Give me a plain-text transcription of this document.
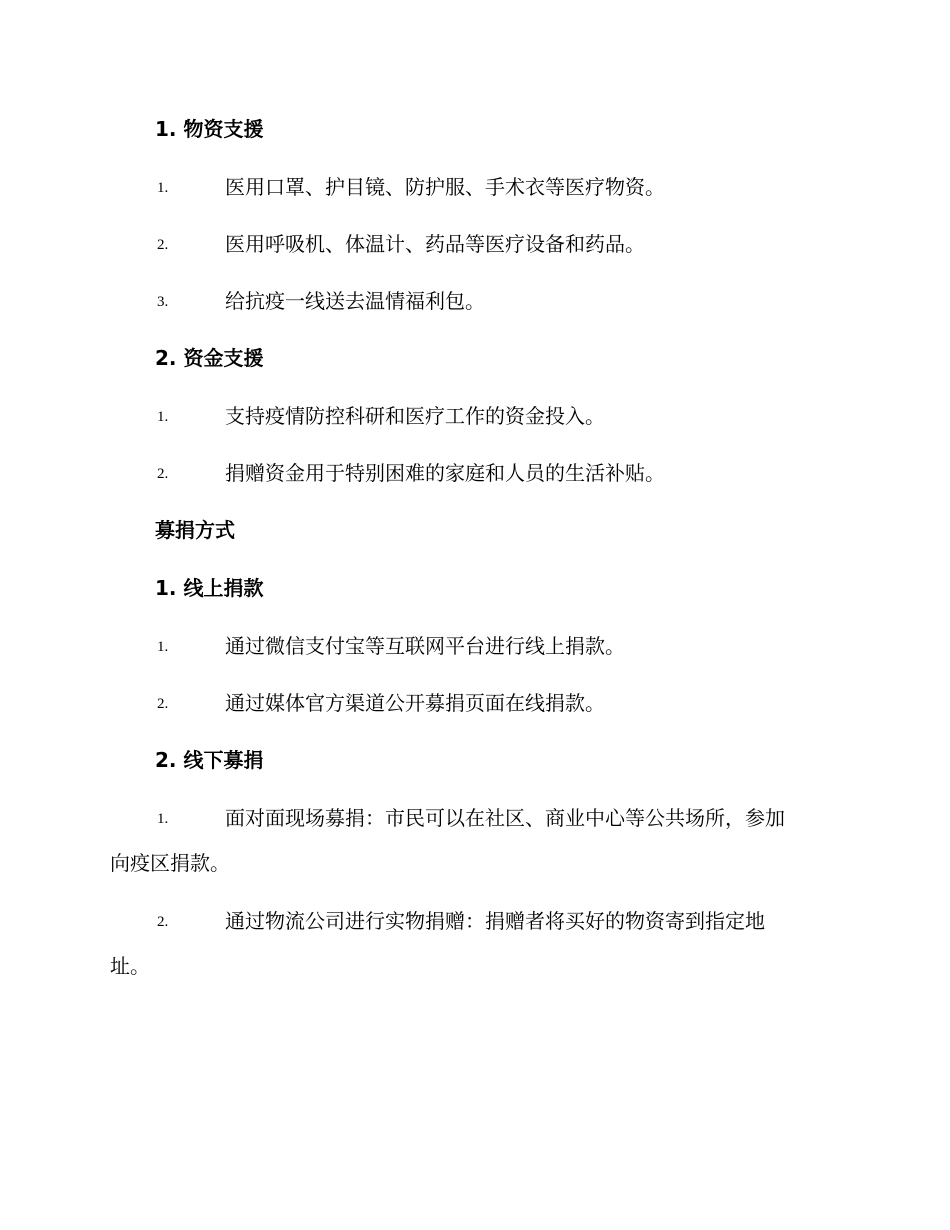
1. 物资支援
1.	医用口罩、护目镜、防护服、手术衣等医疗物资。
2.	医用呼吸机、体温计、药品等医疗设备和药品。
3.	给抗疫一线送去温情福利包。
2. 资金支援
1.	支持疫情防控科研和医疗工作的资金投入。
2.	捐赠资金用于特别困难的家庭和人员的生活补贴。
募捐方式
1. 线上捐款
1.	通过微信支付宝等互联网平台进行线上捐款。
2.	通过媒体官方渠道公开募捐页面在线捐款。
2. 线下募捐
1.	面对面现场募捐：市民可以在社区、商业中心等公共场所，参加
向疫区捐款。
2.	通过物流公司进行实物捐赠：捐赠者将买好的物资寄到指定地
址。
